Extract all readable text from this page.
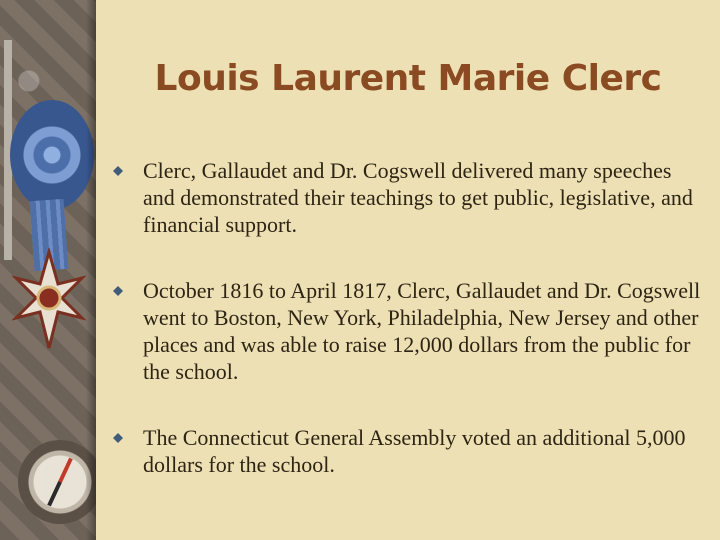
Louis Laurent Marie Clerc
Clerc, Gallaudet and Dr. Cogswell delivered many speeches and demonstrated their teachings to get public, legislative, and financial support.
October 1816 to April 1817, Clerc, Gallaudet and Dr. Cogswell went to Boston, New York, Philadelphia, New Jersey and other places and was able to raise 12,000 dollars from the public for the school.
The Connecticut General Assembly voted an additional 5,000 dollars for the school.
